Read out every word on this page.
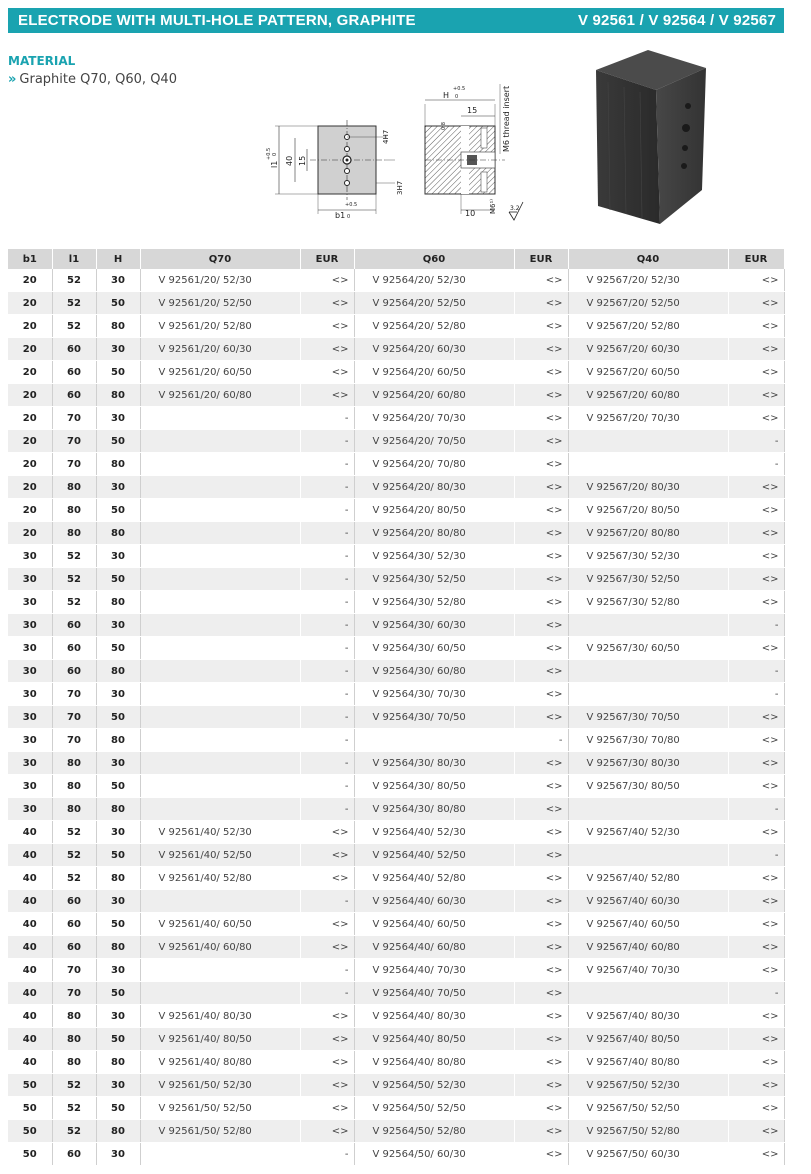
ELECTRODE WITH MULTI-HOLE PATTERN, GRAPHITE	V 92561 / V 92564 / V 92567
MATERIAL
» Graphite Q70, Q60, Q40
l1
+0.5 0
40 15
4H7
3H7
b1
+0.5
0
H
+0.5
0
15
0.8	M6 thread insert
10 M6¹⁾ 3.2
b1	l1	H	Q70	EUR	Q60	EUR	Q40	EUR
20	52	30	V 92561/20/ 52/30	<>	V 92564/20/ 52/30	<>	V 92567/20/ 52/30	<>
20	52	50	V 92561/20/ 52/50	<>	V 92564/20/ 52/50	<>	V 92567/20/ 52/50	<>
20	52	80	V 92561/20/ 52/80	<>	V 92564/20/ 52/80	<>	V 92567/20/ 52/80	<>
20	60	30	V 92561/20/ 60/30	<>	V 92564/20/ 60/30	<>	V 92567/20/ 60/30	<>
20	60	50	V 92561/20/ 60/50	<>	V 92564/20/ 60/50	<>	V 92567/20/ 60/50	<>
20	60	80	V 92561/20/ 60/80	<>	V 92564/20/ 60/80	<>	V 92567/20/ 60/80	<>
20	70	30		-	V 92564/20/ 70/30	<>	V 92567/20/ 70/30	<>
20	70	50		-	V 92564/20/ 70/50	<>		-
20	70	80		-	V 92564/20/ 70/80	<>		-
20	80	30		-	V 92564/20/ 80/30	<>	V 92567/20/ 80/30	<>
20	80	50		-	V 92564/20/ 80/50	<>	V 92567/20/ 80/50	<>
20	80	80		-	V 92564/20/ 80/80	<>	V 92567/20/ 80/80	<>
30	52	30		-	V 92564/30/ 52/30	<>	V 92567/30/ 52/30	<>
30	52	50		-	V 92564/30/ 52/50	<>	V 92567/30/ 52/50	<>
30	52	80		-	V 92564/30/ 52/80	<>	V 92567/30/ 52/80	<>
30	60	30		-	V 92564/30/ 60/30	<>		-
30	60	50		-	V 92564/30/ 60/50	<>	V 92567/30/ 60/50	<>
30	60	80		-	V 92564/30/ 60/80	<>		-
30	70	30		-	V 92564/30/ 70/30	<>		-
30	70	50		-	V 92564/30/ 70/50	<>	V 92567/30/ 70/50	<>
30	70	80		-		-	V 92567/30/ 70/80	<>
30	80	30		-	V 92564/30/ 80/30	<>	V 92567/30/ 80/30	<>
30	80	50		-	V 92564/30/ 80/50	<>	V 92567/30/ 80/50	<>
30	80	80		-	V 92564/30/ 80/80	<>		-
40	52	30	V 92561/40/ 52/30	<>	V 92564/40/ 52/30	<>	V 92567/40/ 52/30	<>
40	52	50	V 92561/40/ 52/50	<>	V 92564/40/ 52/50	<>		-
40	52	80	V 92561/40/ 52/80	<>	V 92564/40/ 52/80	<>	V 92567/40/ 52/80	<>
40	60	30		-	V 92564/40/ 60/30	<>	V 92567/40/ 60/30	<>
40	60	50	V 92561/40/ 60/50	<>	V 92564/40/ 60/50	<>	V 92567/40/ 60/50	<>
40	60	80	V 92561/40/ 60/80	<>	V 92564/40/ 60/80	<>	V 92567/40/ 60/80	<>
40	70	30		-	V 92564/40/ 70/30	<>	V 92567/40/ 70/30	<>
40	70	50		-	V 92564/40/ 70/50	<>		-
40	80	30	V 92561/40/ 80/30	<>	V 92564/40/ 80/30	<>	V 92567/40/ 80/30	<>
40	80	50	V 92561/40/ 80/50	<>	V 92564/40/ 80/50	<>	V 92567/40/ 80/50	<>
40	80	80	V 92561/40/ 80/80	<>	V 92564/40/ 80/80	<>	V 92567/40/ 80/80	<>
50	52	30	V 92561/50/ 52/30	<>	V 92564/50/ 52/30	<>	V 92567/50/ 52/30	<>
50	52	50	V 92561/50/ 52/50	<>	V 92564/50/ 52/50	<>	V 92567/50/ 52/50	<>
50	52	80	V 92561/50/ 52/80	<>	V 92564/50/ 52/80	<>	V 92567/50/ 52/80	<>
50	60	30		-	V 92564/50/ 60/30	<>	V 92567/50/ 60/30	<>
